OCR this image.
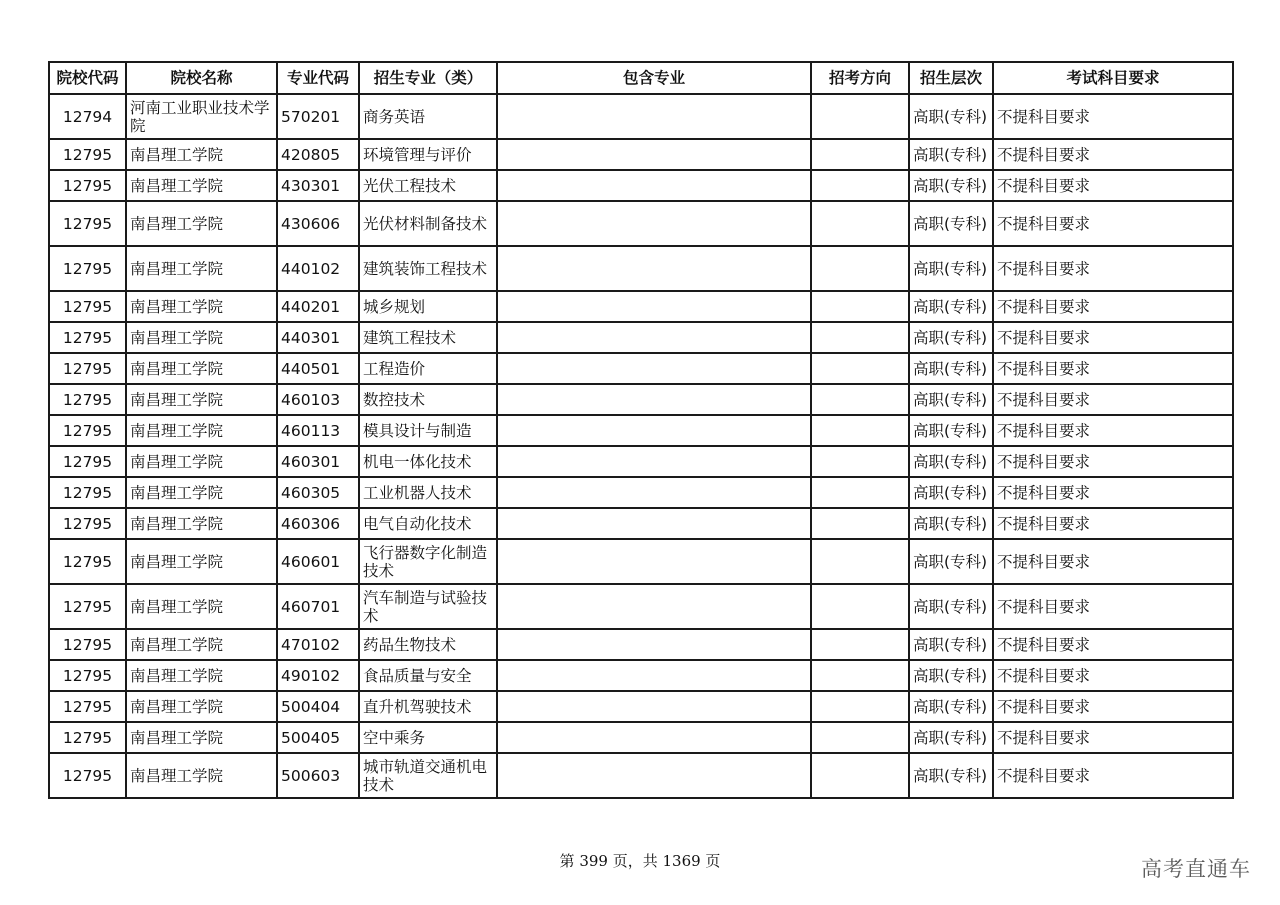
院校代码	院校名称	专业代码	招生专业（类）	包含专业	招考方向	招生层次	考试科目要求
12794	河南工业职业技术学院	570201	商务英语			高职(专科)	不提科目要求
12795	南昌理工学院	420805	环境管理与评价			高职(专科)	不提科目要求
12795	南昌理工学院	430301	光伏工程技术			高职(专科)	不提科目要求
12795	南昌理工学院	430606	光伏材料制备技术			高职(专科)	不提科目要求
12795	南昌理工学院	440102	建筑装饰工程技术			高职(专科)	不提科目要求
12795	南昌理工学院	440201	城乡规划			高职(专科)	不提科目要求
12795	南昌理工学院	440301	建筑工程技术			高职(专科)	不提科目要求
12795	南昌理工学院	440501	工程造价			高职(专科)	不提科目要求
12795	南昌理工学院	460103	数控技术			高职(专科)	不提科目要求
12795	南昌理工学院	460113	模具设计与制造			高职(专科)	不提科目要求
12795	南昌理工学院	460301	机电一体化技术			高职(专科)	不提科目要求
12795	南昌理工学院	460305	工业机器人技术			高职(专科)	不提科目要求
12795	南昌理工学院	460306	电气自动化技术			高职(专科)	不提科目要求
12795	南昌理工学院	460601	飞行器数字化制造技术			高职(专科)	不提科目要求
12795	南昌理工学院	460701	汽车制造与试验技术			高职(专科)	不提科目要求
12795	南昌理工学院	470102	药品生物技术			高职(专科)	不提科目要求
12795	南昌理工学院	490102	食品质量与安全			高职(专科)	不提科目要求
12795	南昌理工学院	500404	直升机驾驶技术			高职(专科)	不提科目要求
12795	南昌理工学院	500405	空中乘务			高职(专科)	不提科目要求
12795	南昌理工学院	500603	城市轨道交通机电技术			高职(专科)	不提科目要求
第 399 页，共 1369 页	高考直通车
